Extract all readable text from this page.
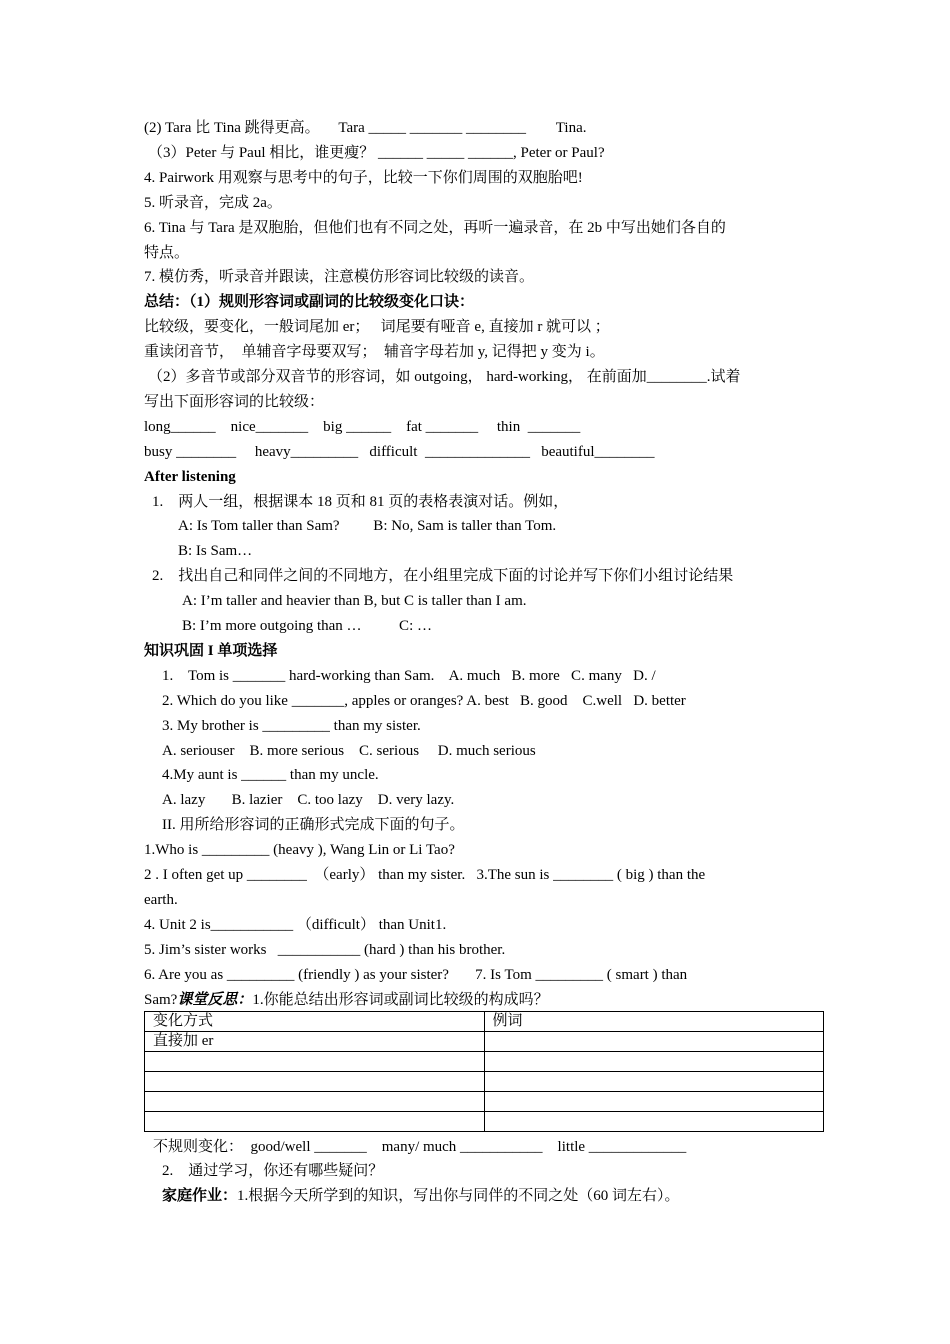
(2) Tara 比 Tina 跳得更高。     Tara _____ _______ ________        Tina.
（3）Peter 与 Paul 相比，谁更瘦？ ______ _____ ______, Peter or Paul?
4. Pairwork 用观察与思考中的句子，比较一下你们周围的双胞胎吧!
5. 听录音，完成 2a。
6. Tina 与 Tara 是双胞胎，但他们也有不同之处，再听一遍录音，在 2b 中写出她们各自的
特点。
7. 模仿秀，听录音并跟读，注意模仿形容词比较级的读音。
总结：（1）规则形容词或副词的比较级变化口诀：
比较级，要变化，一般词尾加 er；   词尾要有哑音 e, 直接加 r 就可以 ；
重读闭音节，  单辅音字母要双写；  辅音字母若加 y, 记得把 y 变为 i。
（2）多音节或部分双音节的形容词，如 outgoing， hard-working， 在前面加________.试着
写出下面形容词的比较级：
long______    nice_______    big ______    fat _______     thin  _______
busy ________     heavy_________   difficult  ______________   beautiful________
After listening
1.    两人一组，根据课本 18 页和 81 页的表格表演对话。例如，
A: Is Tom taller than Sam?         B: No, Sam is taller than Tom.
B: Is Sam…
2.    找出自己和同伴之间的不同地方，在小组里完成下面的讨论并写下你们小组讨论结果
A: I’m taller and heavier than B, but C is taller than I am.
B: I’m more outgoing than …          C: …
知识巩固 I 单项选择
1.    Tom is _______ hard-working than Sam.    A. much   B. more   C. many   D. /
2. Which do you like _______, apples or oranges? A. best   B. good    C.well   D. better
3. My brother is _________ than my sister.
A. seriouser    B. more serious    C. serious     D. much serious
4.My aunt is ______ than my uncle.
A. lazy       B. lazier    C. too lazy    D. very lazy.
II. 用所给形容词的正确形式完成下面的句子。
1.Who is _________ (heavy ), Wang Lin or Li Tao?
2 . I often get up ________  （early） than my sister.   3.The sun is ________ ( big ) than the
earth.
4. Unit 2 is___________ （difficult） than Unit1.
5. Jim’s sister works   ___________ (hard ) than his brother.
6. Are you as _________ (friendly ) as your sister?       7. Is Tom _________ ( smart ) than
Sam?课堂反思：1.你能总结出形容词或副词比较级的构成吗？
变化方式	例词
直接加 er	

不规则变化：  good/well _______    many/ much ___________    little _____________
2.    通过学习，你还有哪些疑问？
家庭作业：1.根据今天所学到的知识，写出你与同伴的不同之处（60 词左右）。
